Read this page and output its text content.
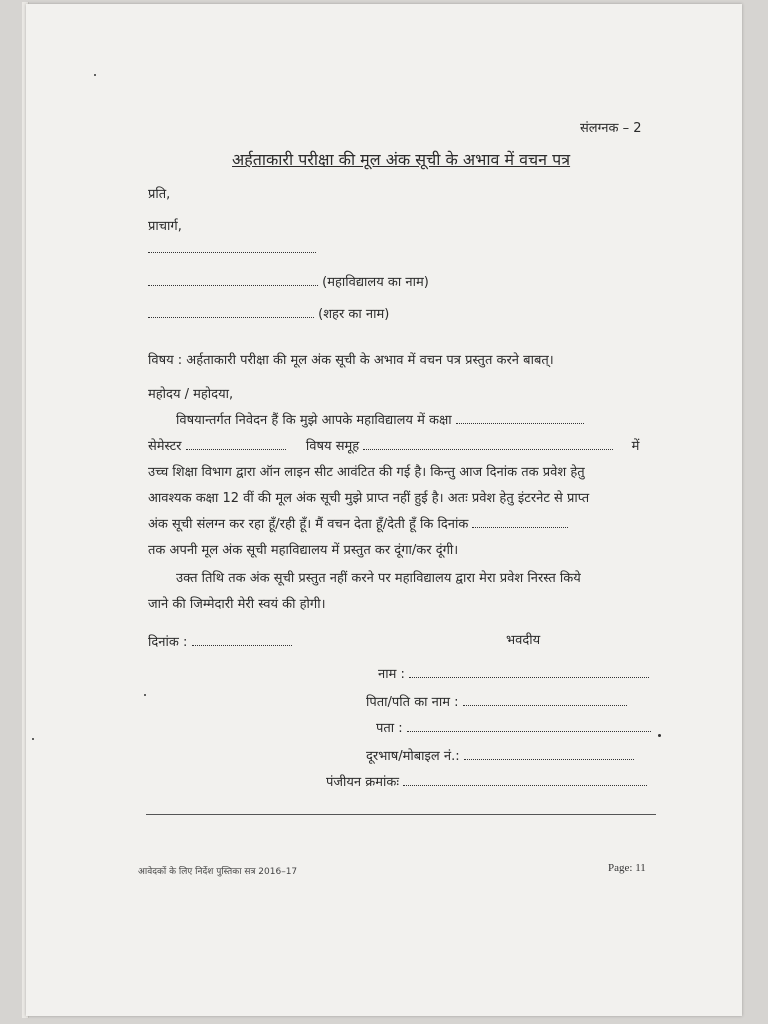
संलग्नक – 2
अर्हताकारी परीक्षा की मूल अंक सूची के अभाव में वचन पत्र
प्रति,
प्राचार्ग,
(महाविद्यालय का नाम)
(शहर का नाम)
विषय : अर्हताकारी परीक्षा की मूल अंक सूची के अभाव में वचन पत्र प्रस्तुत करने बाबत्।
महोदय / महोदया,
विषयान्तर्गत निवेदन हैं कि मुझे आपके महाविद्यालय में कक्षा
सेमेस्टर	विषय समूह	में
उच्च शिक्षा विभाग द्वारा ऑन लाइन सीट आवंटित की गई है। किन्तु आज दिनांक तक प्रवेश हेतु
आवश्यक कक्षा 12 वीं की मूल अंक सूची मुझे प्राप्त नहीं हुई है। अतः प्रवेश हेतु इंटरनेट से प्राप्त
अंक सूची संलग्न कर रहा हूँ/रही हूँ। मैं वचन देता हूँ/देती हूँ कि दिनांक
तक अपनी मूल अंक सूची महाविद्यालय में प्रस्तुत कर दूंगा/कर दूंगी।
उक्त तिथि तक अंक सूची प्रस्तुत नहीं करने पर महाविद्यालय द्वारा मेरा प्रवेश निरस्त किये
जाने की जिम्मेदारी मेरी स्वयं की होगी।
दिनांक :	भवदीय
नाम :
पिता/पति का नाम :
पता :
दूरभाष/मोबाइल नं.:
पंजीयन क्रमांकः
आवेदकों के लिए निर्देश पुस्तिका सत्र 2016–17	Page: 11
